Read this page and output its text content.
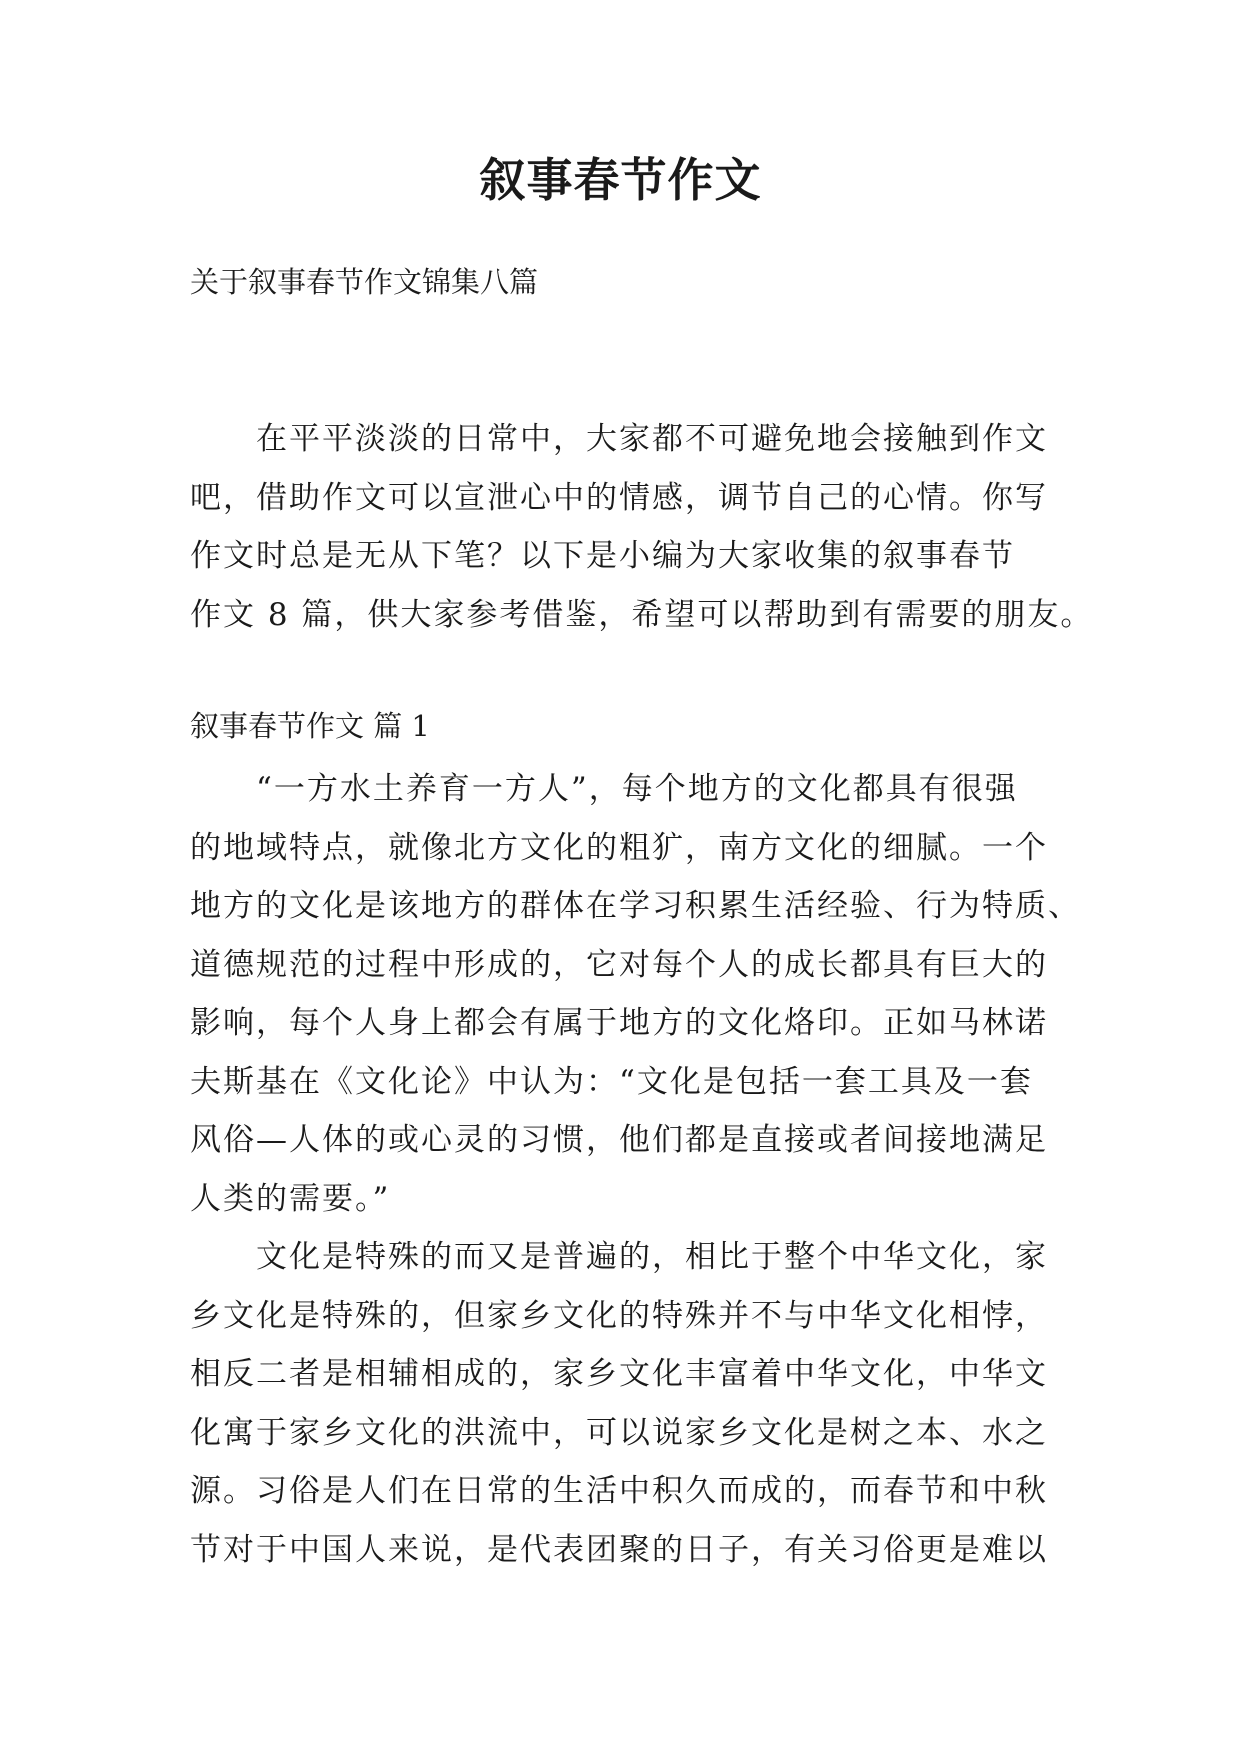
叙事春节作文
关于叙事春节作文锦集八篇
在平平淡淡的日常中，大家都不可避免地会接触到作文
吧，借助作文可以宣泄心中的情感，调节自己的心情。你写
作文时总是无从下笔？以下是小编为大家收集的叙事春节
作文 8 篇，供大家参考借鉴，希望可以帮助到有需要的朋友。
叙事春节作文 篇 1
“一方水土养育一方人”，每个地方的文化都具有很强
的地域特点，就像北方文化的粗犷，南方文化的细腻。一个
地方的文化是该地方的群体在学习积累生活经验、行为特质、
道德规范的过程中形成的，它对每个人的成长都具有巨大的
影响，每个人身上都会有属于地方的文化烙印。正如马林诺
夫斯基在《文化论》中认为：“文化是包括一套工具及一套
风俗—人体的或心灵的习惯，他们都是直接或者间接地满足
人类的需要。”
文化是特殊的而又是普遍的，相比于整个中华文化，家
乡文化是特殊的，但家乡文化的特殊并不与中华文化相悖，
相反二者是相辅相成的，家乡文化丰富着中华文化，中华文
化寓于家乡文化的洪流中，可以说家乡文化是树之本、水之
源。习俗是人们在日常的生活中积久而成的，而春节和中秋
节对于中国人来说，是代表团聚的日子，有关习俗更是难以
